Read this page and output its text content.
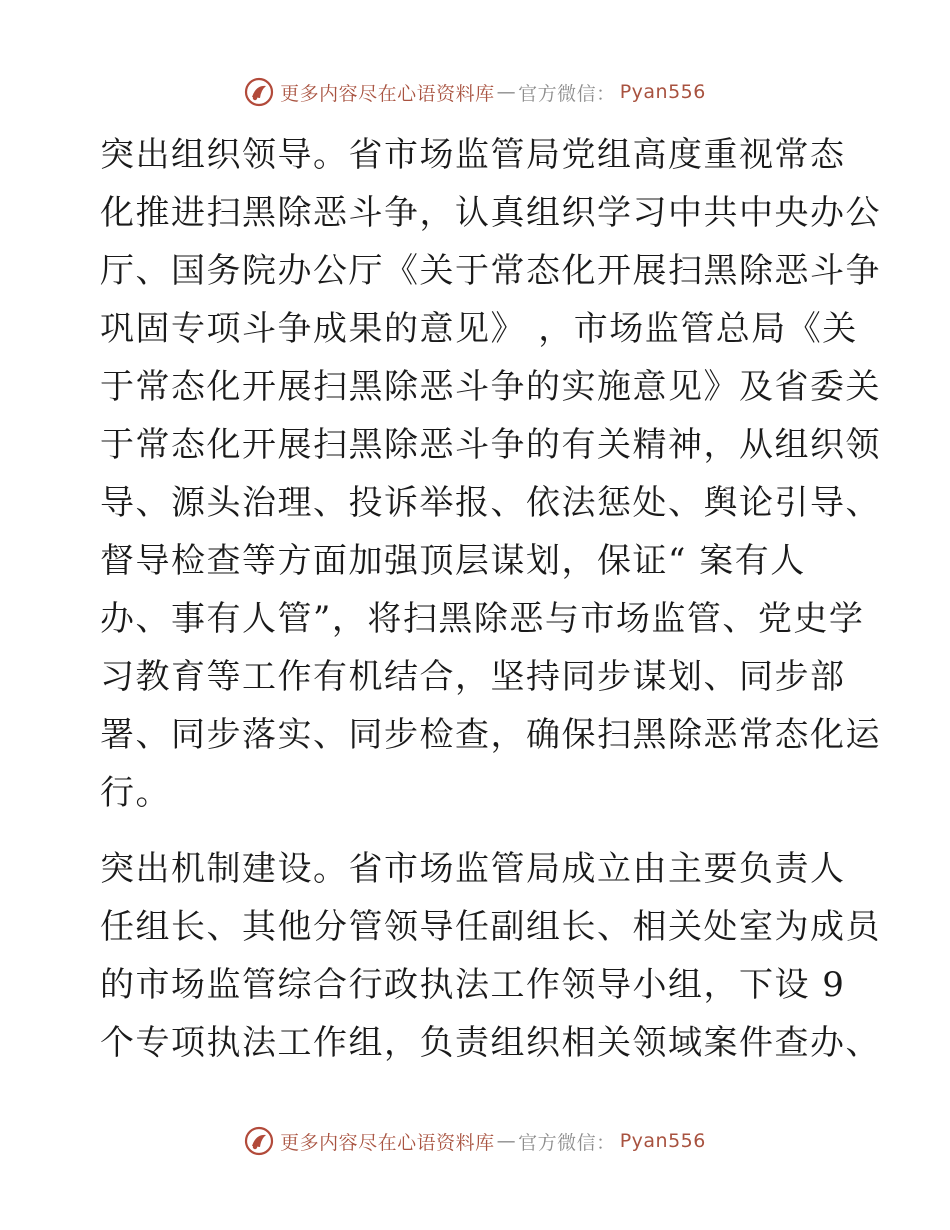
更多内容尽在心语资料库 — 官方微信： Pyan556

突出组织领导。省市场监管局党组高度重视常态
化推进扫黑除恶斗争，认真组织学习中共中央办公
厅、国务院办公厅《关于常态化开展扫黑除恶斗争
巩固专项斗争成果的意见》 ，市场监管总局《关
于常态化开展扫黑除恶斗争的实施意见》及省委关
于常态化开展扫黑除恶斗争的有关精神，从组织领
导、源头治理、投诉举报、依法惩处、舆论引导、
督导检查等方面加强顶层谋划，保证“ 案有人
办、事有人管”，将扫黑除恶与市场监管、党史学
习教育等工作有机结合，坚持同步谋划、同步部
署、同步落实、同步检查，确保扫黑除恶常态化运
行。

突出机制建设。省市场监管局成立由主要负责人
任组长、其他分管领导任副组长、相关处室为成员
的市场监管综合行政执法工作领导小组，下设 9
个专项执法工作组，负责组织相关领域案件查办、

更多内容尽在心语资料库 — 官方微信： Pyan556
